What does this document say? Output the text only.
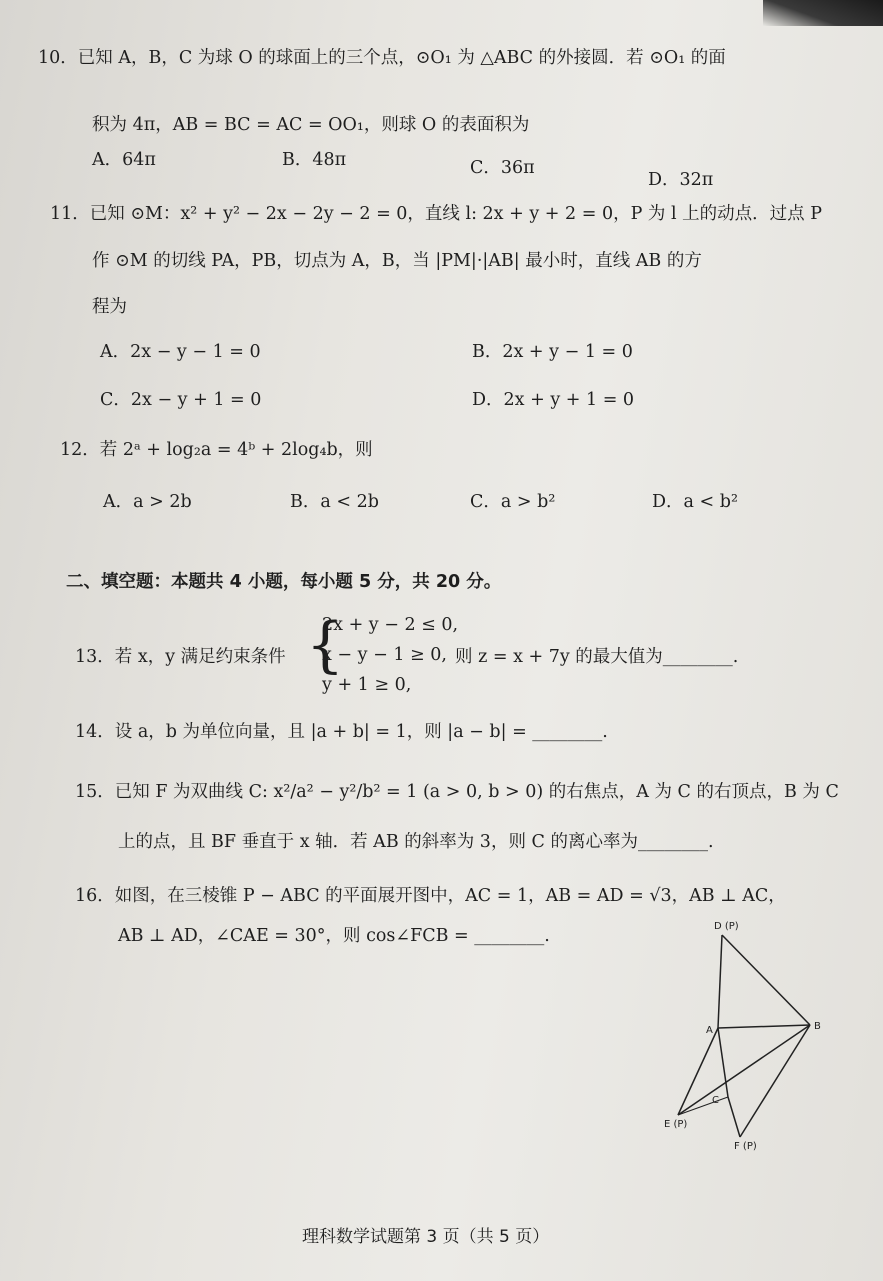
10．已知 A，B，C 为球 O 的球面上的三个点，⊙O₁ 为 △ABC 的外接圆．若 ⊙O₁ 的面
积为 4π，AB = BC = AC = OO₁，则球 O 的表面积为
A．64π	B．48π	C．36π
D．32π
11．已知 ⊙M：x² + y² − 2x − 2y − 2 = 0，直线 l: 2x + y + 2 = 0，P 为 l 上的动点．过点 P
作 ⊙M 的切线 PA，PB，切点为 A，B，当 |PM|·|AB| 最小时，直线 AB 的方
程为
A．2x − y − 1 = 0	B．2x + y − 1 = 0
C．2x − y + 1 = 0	D．2x + y + 1 = 0
12．若 2ᵃ + log₂a = 4ᵇ + 2log₄b，则
A．a > 2b	B．a < 2b	C．a > b²	D．a < b²
二、填空题：本题共 4 小题，每小题 5 分，共 20 分。
13．若 x，y 满足约束条件 {
2x + y − 2 ≤ 0,
x − y − 1 ≥ 0,
y + 1 ≥ 0,
则 z = x + 7y 的最大值为________.
14．设 a，b 为单位向量，且 |a + b| = 1，则 |a − b| = ________.
15．已知 F 为双曲线 C: x²/a² − y²/b² = 1 (a > 0, b > 0) 的右焦点，A 为 C 的右顶点，B 为 C
上的点，且 BF 垂直于 x 轴．若 AB 的斜率为 3，则 C 的离心率为________.
16．如图，在三棱锥 P − ABC 的平面展开图中，AC = 1，AB = AD = √3，AB ⊥ AC，
AB ⊥ AD，∠CAE = 30°，则 cos∠FCB = ________.	D (P)
A	B
C
E (P)
F (P)
理科数学试题第 3 页（共 5 页）
